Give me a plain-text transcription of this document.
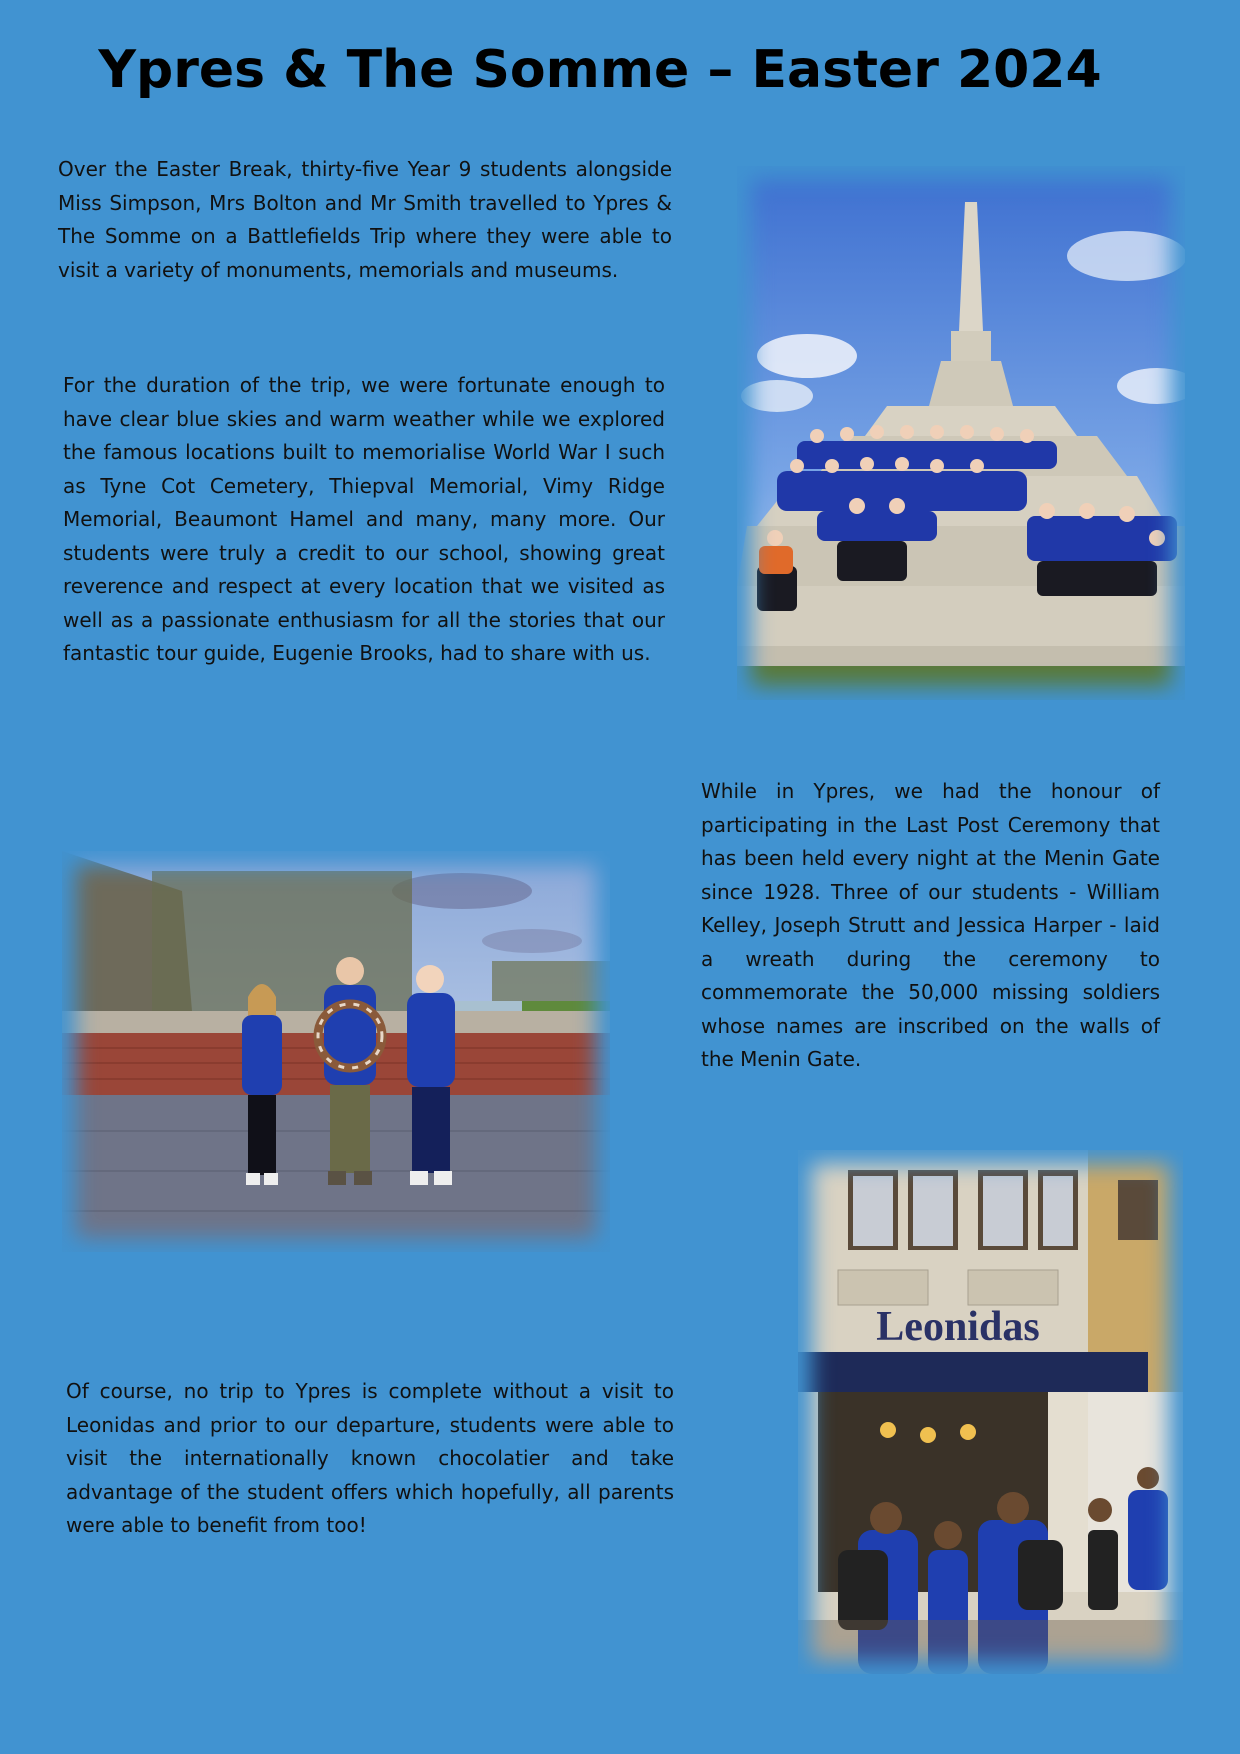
Ypres & The Somme – Easter 2024

Over the Easter Break, thirty-five Year 9 students alongside Miss Simpson, Mrs Bolton and Mr Smith travelled to Ypres & The Somme on a Battlefields Trip where they were able to visit a variety of monuments, memorials and museums.

For the duration of the trip, we were fortunate enough to have clear blue skies and warm weather while we explored the famous locations built to memorialise World War I such as Tyne Cot Cemetery, Thiepval Memorial, Vimy Ridge Memorial, Beaumont Hamel and many, many more. Our students were truly a credit to our school, showing great reverence and respect at every location that we visited as well as a passionate enthusiasm for all the stories that our fantastic tour guide, Eugenie Brooks, had to share with us.

While in Ypres, we had the honour of participating in the Last Post Ceremony that has been held every night at the Menin Gate since 1928. Three of our students - William Kelley, Joseph Strutt and Jessica Harper - laid a wreath during the ceremony to commemorate the 50,000 missing soldiers whose names are inscribed on the walls of the Menin Gate.

Of course, no trip to Ypres is complete without a visit to Leonidas and prior to our departure, students were able to visit the internationally known chocolatier and take advantage of the student offers which hopefully, all parents were able to benefit from too!

Leonidas
